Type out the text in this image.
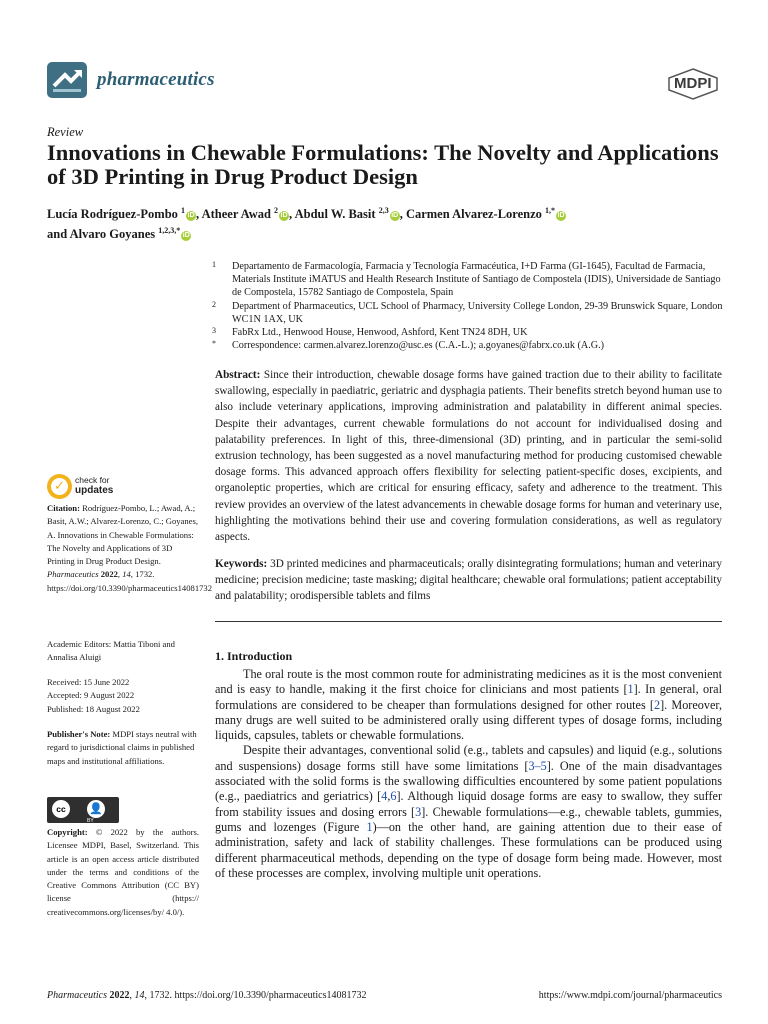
pharmaceutics	MDPI
Review
Innovations in Chewable Formulations: The Novelty and Applications of 3D Printing in Drug Product Design
Lucía Rodríguez-Pombo $^1$iD , Atheer Awad $^2$iD , Abdul W. Basit $^{2,3}$iD , Carmen Alvarez-Lorenzo $^{1,*}$iD
and Alvaro Goyanes $^{1,2,3,*}$iD
1 Departamento de Farmacología, Farmacia y Tecnología Farmacéutica, I+D Farma (GI-1645), Facultad de Farmacia, Materials Institute iMATUS and Health Research Institute of Santiago de Compostela (IDIS), Universidade de Santiago de Compostela, 15782 Santiago de Compostela, Spain
2 Department of Pharmaceutics, UCL School of Pharmacy, University College London, 29-39 Brunswick Square, London WC1N 1AX, UK
3 FabRx Ltd., Henwood House, Henwood, Ashford, Kent TN24 8DH, UK
* Correspondence: carmen.alvarez.lorenzo@usc.es (C.A.-L.); a.goyanes@fabrx.co.uk (A.G.)
Abstract: Since their introduction, chewable dosage forms have gained traction due to their ability to facilitate swallowing, especially in paediatric, geriatric and dysphagia patients. Their benefits stretch beyond human use to also include veterinary applications, improving administration and palatability in different animal species. Despite their advantages, current chewable formulations do not account for individualised dosing and palatability preferences. In light of this, three-dimensional (3D) printing, and in particular the semi-solid extrusion technology, has been suggested as a novel manufacturing method for producing customised chewable dosage forms. This advanced approach offers flexibility for selecting patient-specific doses, excipients, and organoleptic properties, which are critical for ensuring efficacy, safety and adherence to the treatment. This review provides an overview of the latest advancements in chewable dosage forms for human and veterinary use, highlighting the motivations behind their use and covering formulation considerations, as well as regulatory aspects.
Keywords: 3D printed medicines and pharmaceuticals; orally disintegrating formulations; human and veterinary medicine; precision medicine; taste masking; digital healthcare; chewable oral formulations; patient acceptability and palatability; orodispersible tablets and films
1. Introduction

The oral route is the most common route for administrating medicines as it is the most convenient and is easy to handle, making it the first choice for clinicians and most patients [1]. In general, oral formulations are considered to be cheaper than formulations designed for other routes [2]. Moreover, many drugs are well suited to be administered orally using different types of dosage forms, including liquids, capsules, tablets or chewable formulations.

Despite their advantages, conventional solid (e.g., tablets and capsules) and liquid (e.g., solutions and suspensions) dosage forms still have some limitations [3–5]. One of the main disadvantages associated with the solid forms is the swallowing difficulties encountered by some patient populations (e.g., paediatrics and geriatrics) [4,6]. Although liquid dosage forms are easy to swallow, they suffer from stability issues and dosing errors [3]. Chewable formulations—e.g., chewable tablets, gummies, gums and lozenges (Figure 1)—on the other hand, are gaining attention due to their ease of administration, safety and lack of stability challenges. These formulations can be produced using different pharmaceutical methods, depending on the type of dosage form being made. However, most of these processes are complex, involving multiple unit operations.

✓	check for
updates
Citation: Rodríguez-Pombo, L.; Awad, A.; Basit, A.W.; Alvarez-Lorenzo, C.; Goyanes, A. Innovations in Chewable Formulations: The Novelty and Applications of 3D Printing in Drug Product Design. Pharmaceutics 2022, 14, 1732. https://doi.org/10.3390/pharmaceutics14081732
Academic Editors: Mattia Tiboni and Annalisa Aluigi
Received: 15 June 2022
Accepted: 9 August 2022
Published: 18 August 2022
Publisher's Note: MDPI stays neutral with regard to jurisdictional claims in published maps and institutional affiliations.
cc	👤
BY
Copyright: © 2022 by the authors. Licensee MDPI, Basel, Switzerland. This article is an open access article distributed under the terms and conditions of the Creative Commons Attribution (CC BY) license (https:// creativecommons.org/licenses/by/ 4.0/).
Pharmaceutics 2022, 14, 1732. https://doi.org/10.3390/pharmaceutics14081732	https://www.mdpi.com/journal/pharmaceutics
